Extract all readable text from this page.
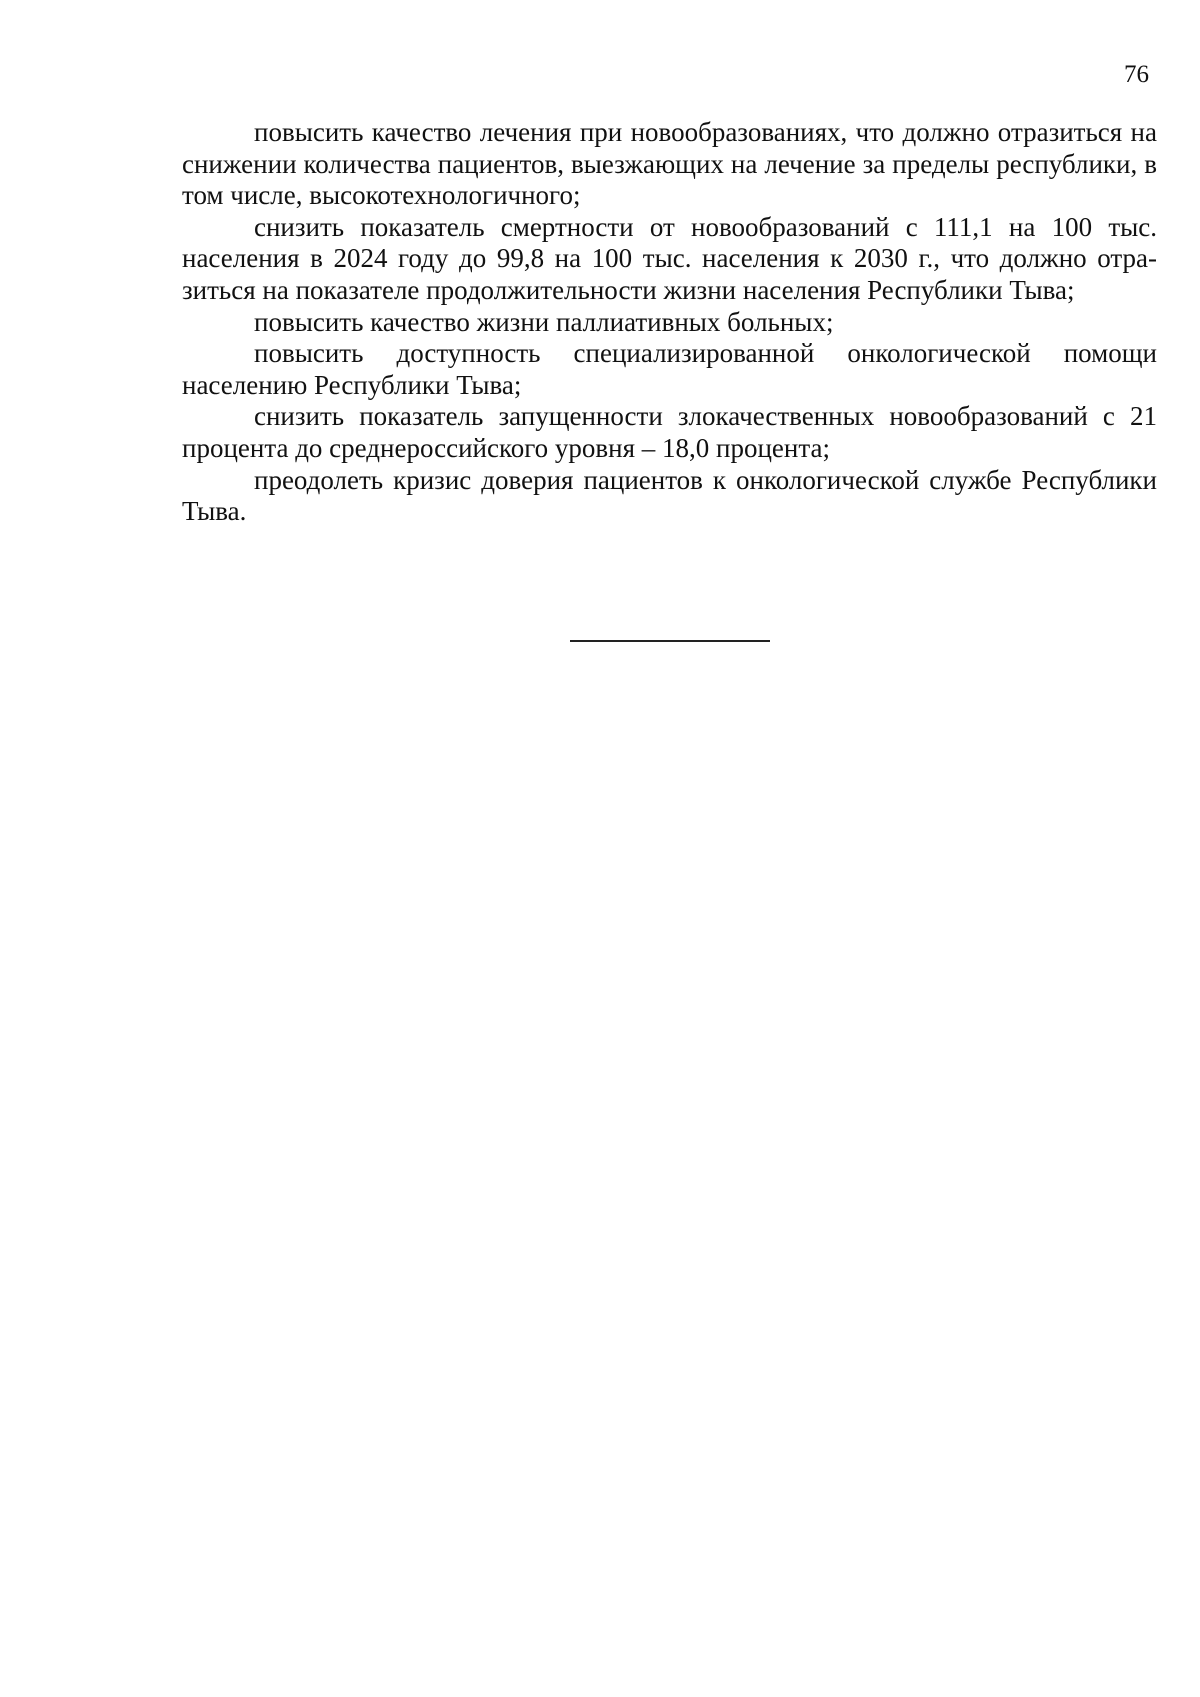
76

повысить качество лечения при новообразованиях, что должно отразиться на снижении количества пациентов, выезжающих на лечение за пределы республики, в том числе, высокотехнологичного;

снизить показатель смертности от новообразований с 111,1 на 100 тыс. населения в 2024 году до 99,8 на 100 тыс. населения к 2030 г., что должно отразиться на показателе продолжительности жизни населения Республики Тыва;

повысить качество жизни паллиативных больных;

повысить доступность специализированной онкологической помощи населению Республики Тыва;

снизить показатель запущенности злокачественных новообразований с 21 процента до среднероссийского уровня – 18,0 процента;

преодолеть кризис доверия пациентов к онкологической службе Республики Тыва.
